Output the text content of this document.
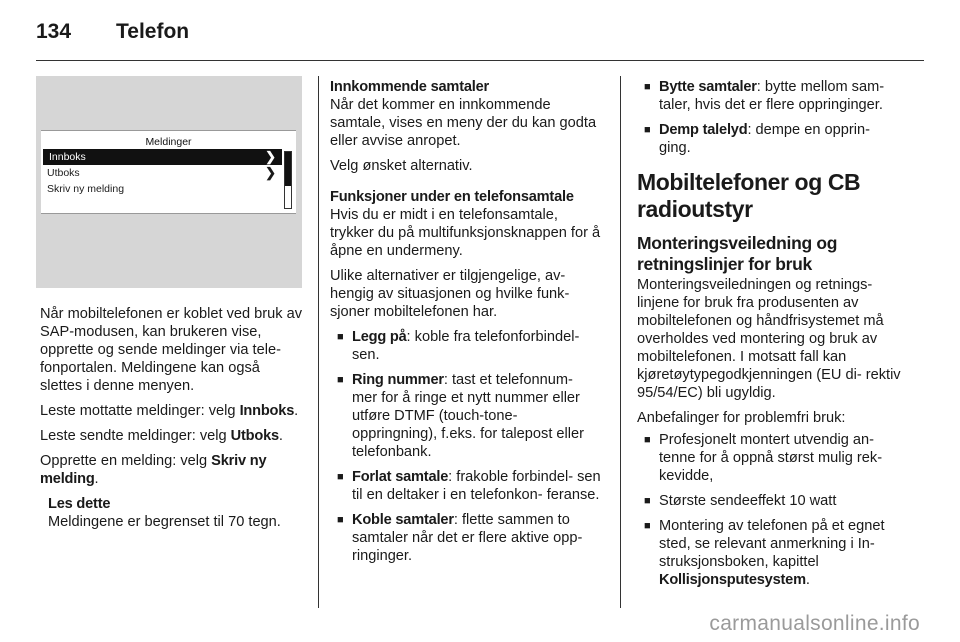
134	Telefon
Meldinger
Innboks	❯
Utboks	❯
Skriv ny melding

Når mobiltelefonen er koblet ved bruk av SAP-modusen, kan brukeren vise, opprette og sende meldinger via tele- fonportalen. Meldingene kan også slettes i denne menyen.

Leste mottatte meldinger: velg Innboks.

Leste sendte meldinger: velg Utboks.

Opprette en melding: velg Skriv ny melding.

Les dette
Meldingene er begrenset til 70 tegn.
Innkommende samtaler

Når det kommer en innkommende samtale, vises en meny der du kan godta eller avvise anropet.

Velg ønsket alternativ.

Funksjoner under en telefonsamtale

Hvis du er midt i en telefonsamtale, trykker du på multifunksjonsknappen for å åpne en undermeny.

Ulike alternativer er tilgjengelige, av- hengig av situasjonen og hvilke funk- sjoner mobiltelefonen har.

■ Legg på: koble fra telefonforbindel- sen.
■ Ring nummer: tast et telefonnum- mer for å ringe et nytt nummer eller utføre DTMF (touch-tone- oppringning), f.eks. for talepost eller telefonbank.
■ Forlat samtale: frakoble forbindel- sen til en deltaker i en telefonkon- feranse.
■ Koble samtaler: flette sammen to samtaler når det er flere aktive opp- ringinger.
■ Bytte samtaler: bytte mellom sam- taler, hvis det er flere oppringinger.
■ Demp talelyd: dempe en opprin- ging.
Mobiltelefoner og CB radioutstyr
Monteringsveiledning og retningslinjer for bruk

Monteringsveiledningen og retnings- linjene for bruk fra produsenten av mobiltelefonen og håndfrisystemet må overholdes ved montering og bruk av mobiltelefonen. I motsatt fall kan kjøretøytypegodkjenningen (EU di- rektiv 95/54/EC) bli ugyldig.

Anbefalinger for problemfri bruk:

■ Profesjonelt montert utvendig an- tenne for å oppnå størst mulig rek- kevidde,
■ Største sendeeffekt 10 watt
■ Montering av telefonen på et egnet sted, se relevant anmerkning i In- struksjonsboken, kapittel Kollisjonsputesystem.
carmanualsonline.info
